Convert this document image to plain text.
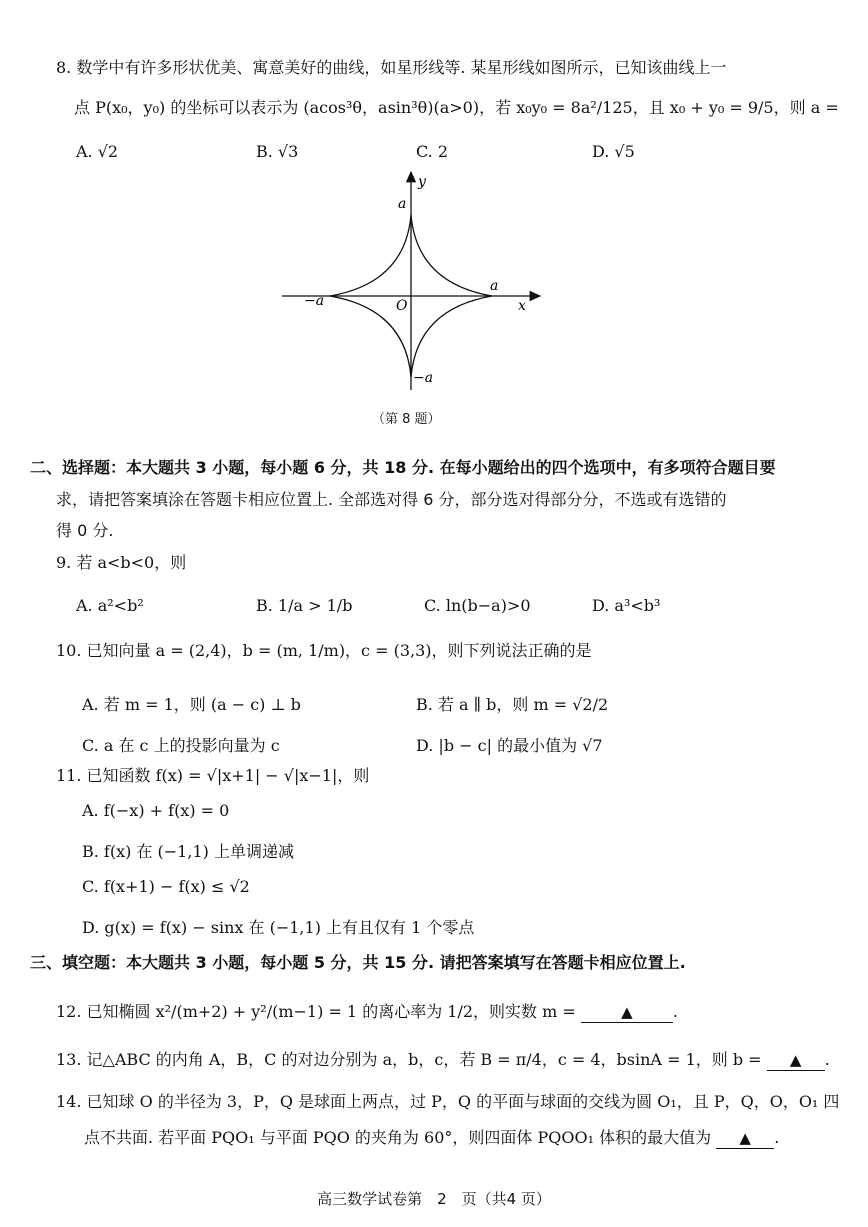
8. 数学中有许多形状优美、寓意美好的曲线，如星形线等. 某星形线如图所示，已知该曲线上一
点 P(x₀，y₀) 的坐标可以表示为 (acos³θ，asin³θ)(a>0)，若 x₀y₀ = 8a²/125，且 x₀ + y₀ = 9/5，则 a =
A. √2	B. √3	C. 2	D. √5
y
x
O
a
−a
−a
a
（第 8 题）
二、选择题：本大题共 3 小题，每小题 6 分，共 18 分. 在每小题给出的四个选项中，有多项符合题目要
求，请把答案填涂在答题卡相应位置上. 全部选对得 6 分，部分选对得部分分，不选或有选错的
得 0 分.
9. 若 a<b<0，则
A. a²<b²	B. 1/a > 1/b	C. ln(b−a)>0	D. a³<b³
10. 已知向量 a = (2,4)，b = (m, 1/m)，c = (3,3)，则下列说法正确的是
A. 若 m = 1，则 (a − c) ⊥ b	B. 若 a ∥ b，则 m = √2/2
C. a 在 c 上的投影向量为 c	D. |b − c| 的最小值为 √7
11. 已知函数 f(x) = √|x+1| − √|x−1|，则
A. f(−x) + f(x) = 0
B. f(x) 在 (−1,1) 上单调递减
C. f(x+1) − f(x) ≤ √2
D. g(x) = f(x) − sinx 在 (−1,1) 上有且仅有 1 个零点
三、填空题：本大题共 3 小题，每小题 5 分，共 15 分. 请把答案填写在答题卡相应位置上.
12. 已知椭圆 x²/(m+2) + y²/(m−1) = 1 的离心率为 1/2，则实数 m =	▲	.
13. 记△ABC 的内角 A，B，C 的对边分别为 a，b，c，若 B = π/4，c = 4，bsinA = 1，则 b = ▲ .
14. 已知球 O 的半径为 3，P，Q 是球面上两点，过 P，Q 的平面与球面的交线为圆 O₁，且 P，Q，O，O₁ 四
点不共面. 若平面 PQO₁ 与平面 PQO 的夹角为 60°，则四面体 PQOO₁ 体积的最大值为 ▲ .
高三数学试卷第　2　页（共4 页）
